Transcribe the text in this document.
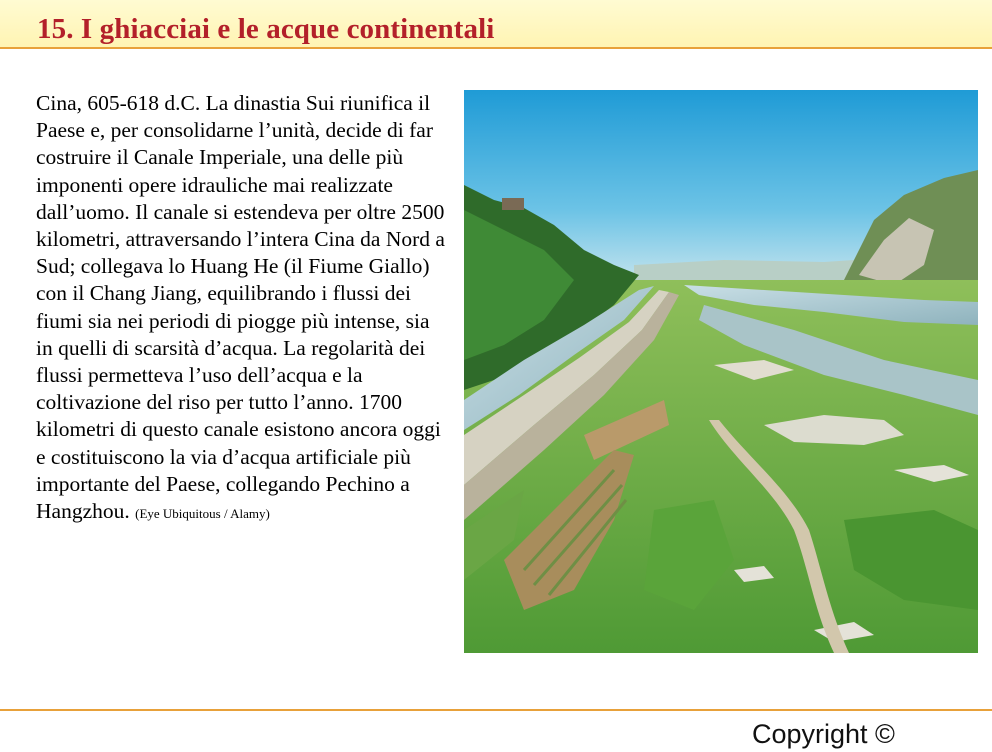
15. I ghiacciai e le acque continentali

Cina, 605-618 d.C. La dinastia Sui riunifica il Paese e, per consolidarne l’unità, decide di far costruire il Canale Imperiale, una delle più imponenti opere idrauliche mai realizzate dall’uomo. Il canale si estendeva per oltre 2500 kilometri, attraversando l’intera Cina da Nord a Sud; collegava lo Huang He (il Fiume Giallo) con il Chang Jiang, equilibrando i flussi dei fiumi sia nei periodi di piogge più intense, sia in quelli di scarsità d’acqua. La regolarità dei flussi permetteva l’uso dell’acqua e la coltivazione del riso per tutto l’anno. 1700 kilometri di questo canale esistono ancora oggi e costituiscono la via d’acqua artificiale più importante del Paese, collegando Pechino a Hangzhou. (Eye Ubiquitous / Alamy)

Copyright ©
